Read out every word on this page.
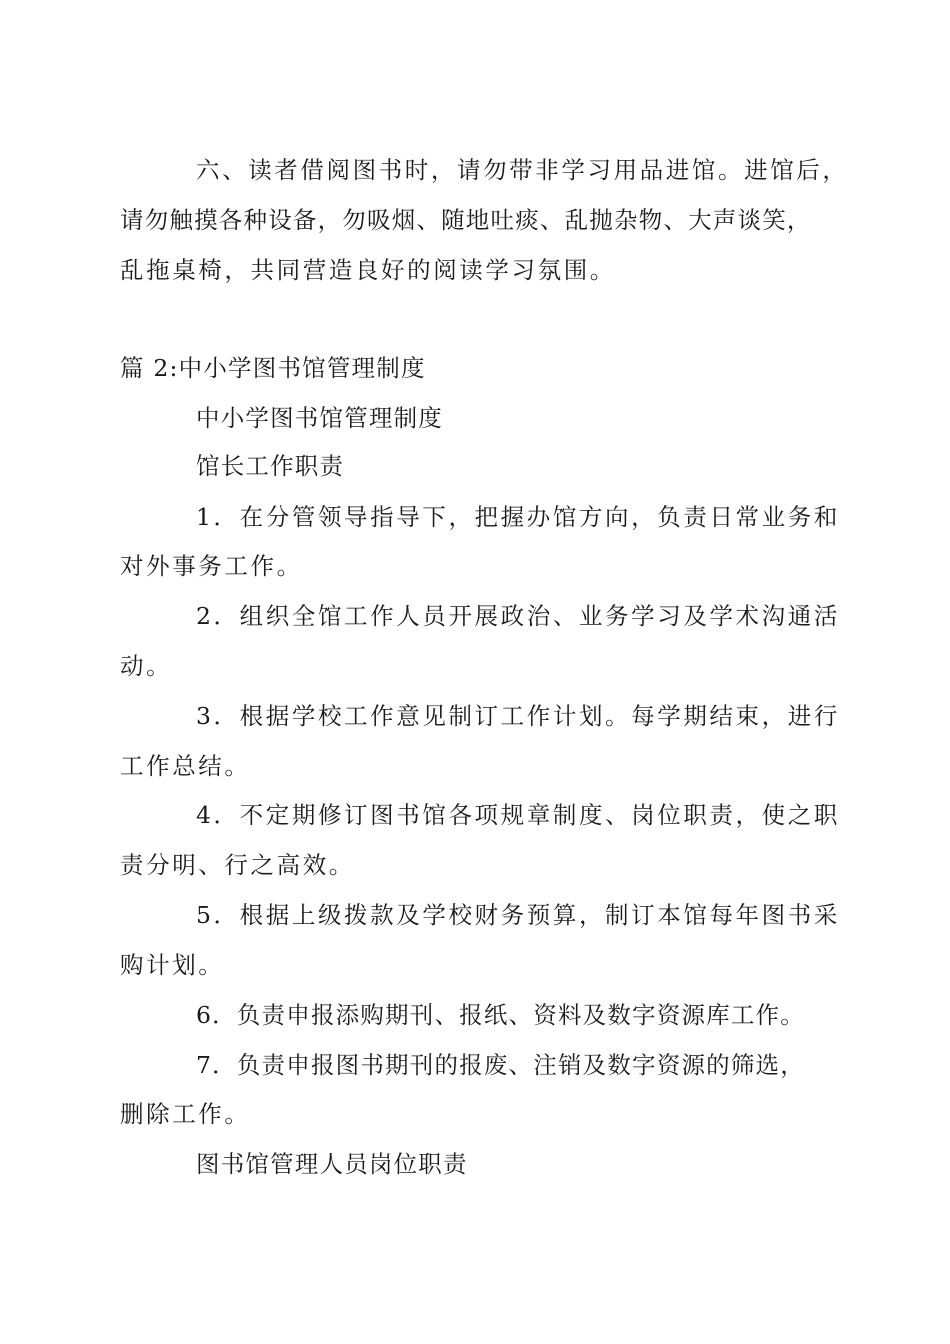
六、读者借阅图书时，请勿带非学习用品进馆。进馆后，
请勿触摸各种设备，勿吸烟、随地吐痰、乱抛杂物、大声谈笑，
乱拖桌椅，共同营造良好的阅读学习氛围。
篇 2:中小学图书馆管理制度
中小学图书馆管理制度
馆长工作职责
1．在分管领导指导下，把握办馆方向，负责日常业务和
对外事务工作。
2．组织全馆工作人员开展政治、业务学习及学术沟通活
动。
3．根据学校工作意见制订工作计划。每学期结束，进行
工作总结。
4．不定期修订图书馆各项规章制度、岗位职责，使之职
责分明、行之高效。
5．根据上级拨款及学校财务预算，制订本馆每年图书采
购计划。
6．负责申报添购期刊、报纸、资料及数字资源库工作。
7．负责申报图书期刊的报废、注销及数字资源的筛选，
删除工作。
图书馆管理人员岗位职责
